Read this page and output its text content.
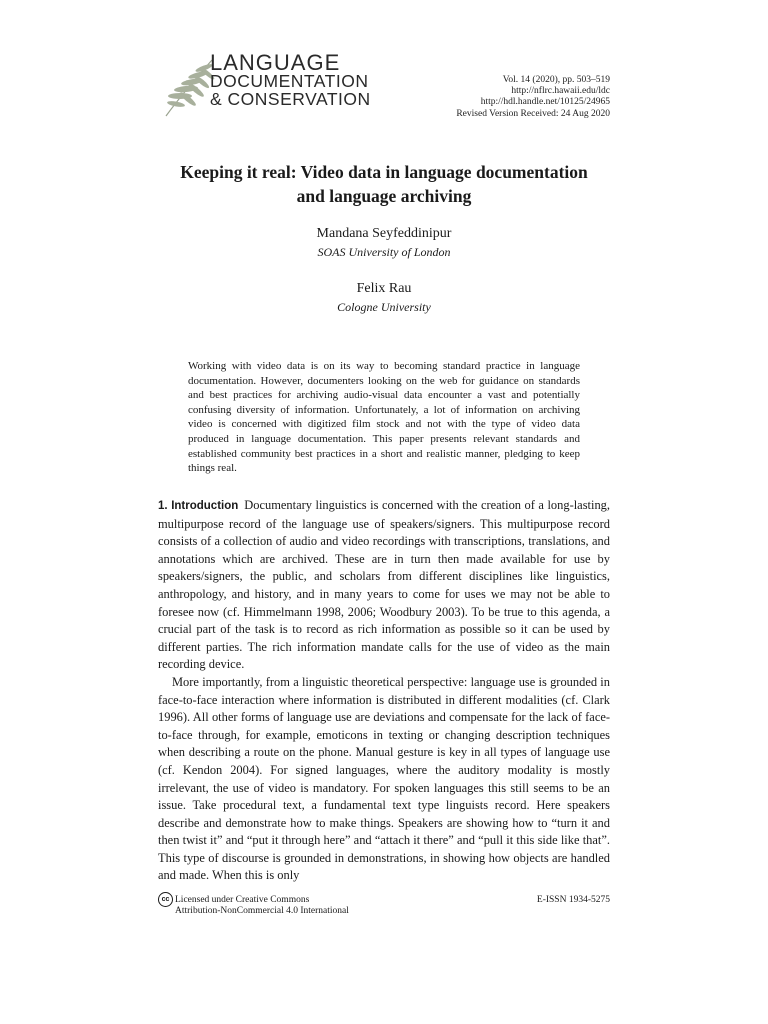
LANGUAGE
DOCUMENTATION
& CONSERVATION
Vol. 14 (2020), pp. 503–519
http://nflrc.hawaii.edu/ldc
http://hdl.handle.net/10125/24965
Revised Version Received: 24 Aug 2020
Keeping it real: Video data in language documentation
and language archiving
Mandana Seyfeddinipur
SOAS University of London
Felix Rau
Cologne University

Working with video data is on its way to becoming standard practice in language documentation. However, documenters looking on the web for guidance on standards and best practices for archiving audio-visual data encounter a vast and potentially confusing diversity of information. Unfortunately, a lot of information on archiving video is concerned with digitized film stock and not with the type of video data produced in language documentation. This paper presents relevant standards and established community best practices in a short and realistic manner, pledging to keep things real.

1. Introduction Documentary linguistics is concerned with the creation of a long-lasting, multipurpose record of the language use of speakers/signers. This multipurpose record consists of a collection of audio and video recordings with transcriptions, translations, and annotations which are archived. These are in turn then made available for use by speakers/signers, the public, and scholars from different disciplines like linguistics, anthropology, and history, and in many years to come for uses we may not be able to foresee now (cf. Himmelmann 1998, 2006; Woodbury 2003). To be true to this agenda, a crucial part of the task is to record as rich information as possible so it can be used by different parties. The rich information mandate calls for the use of video as the main recording device.

More importantly, from a linguistic theoretical perspective: language use is grounded in face-to-face interaction where information is distributed in different modalities (cf. Clark 1996). All other forms of language use are deviations and compensate for the lack of face-to-face through, for example, emoticons in texting or changing description techniques when describing a route on the phone. Manual gesture is key in all types of language use (cf. Kendon 2004). For signed languages, where the auditory modality is mostly irrelevant, the use of video is mandatory. For spoken languages this still seems to be an issue. Take procedural text, a fundamental text type linguists record. Here speakers describe and demonstrate how to make things. Speakers are showing how to “turn it and then twist it” and “put it through here” and “attach it there” and “pull it this side like that”. This type of discourse is grounded in demonstrations, in showing how objects are handled and made. When this is only

cc Licensed under Creative Commons
Attribution-NonCommercial 4.0 International
E-ISSN 1934-5275
